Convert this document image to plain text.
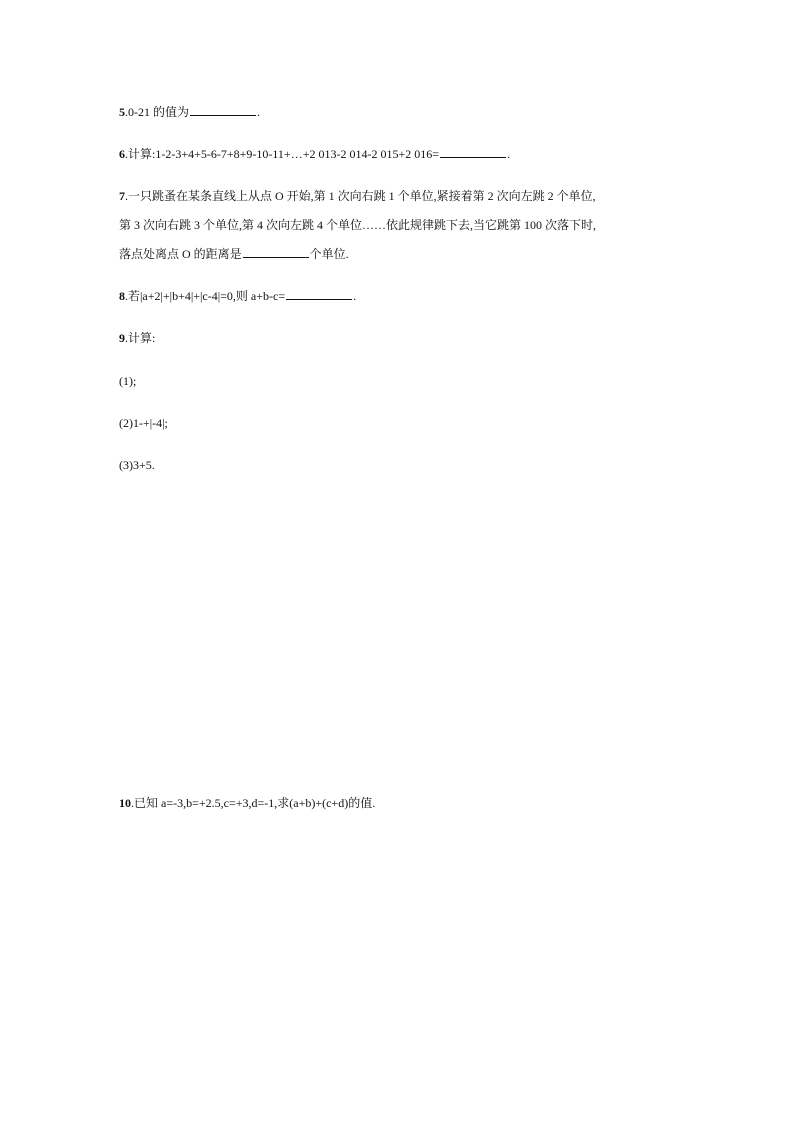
5.0-21 的值为	.
6.计算:1-2-3+4+5-6-7+8+9-10-11+…+2 013-2 014-2 015+2 016=	.
7.一只跳蚤在某条直线上从点 O 开始,第 1 次向右跳 1 个单位,紧接着第 2 次向左跳 2 个单位,
第 3 次向右跳 3 个单位,第 4 次向左跳 4 个单位……依此规律跳下去,当它跳第 100 次落下时,
落点处离点 O 的距离是	个单位.
8.若|a+2|+|b+4|+|c-4|=0,则 a+b-c=	.
9.计算:
(1);
(2)1-+|-4|;
(3)3+5.
10.已知 a=-3,b=+2.5,c=+3,d=-1,求(a+b)+(c+d)的值.
